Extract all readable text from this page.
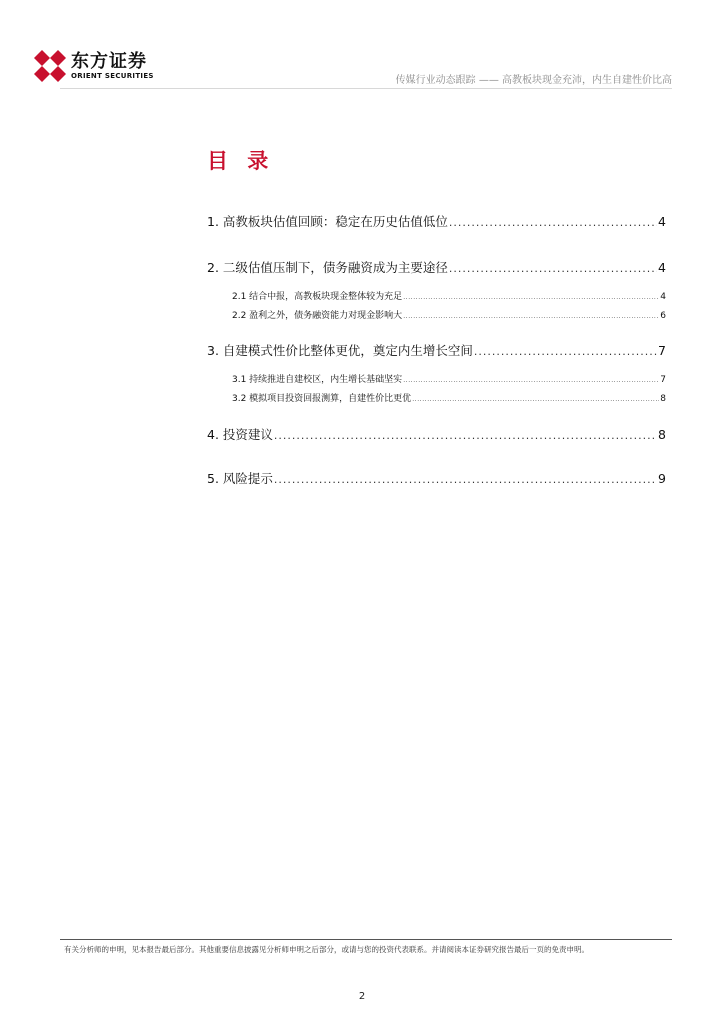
东方证券
ORIENT SECURITIES	传媒行业动态跟踪 —— 高教板块现金充沛，内生自建性价比高
目 录
1. 高教板块估值回顾：稳定在历史估值低位 .....	4
2. 二级估值压制下，债务融资成为主要途径 .....	4
2.1 结合中报，高教板块现金整体较为充足 .....	4
2.2 盈利之外，债务融资能力对现金影响大 .....	6
3. 自建模式性价比整体更优，奠定内生增长空间 .....	7
3.1 持续推进自建校区，内生增长基础坚实 .....	7
3.2 模拟项目投资回报测算，自建性价比更优 .....	8
4. 投资建议 .....	8
5. 风险提示 .....	9
有关分析师的申明，见本报告最后部分。其他重要信息披露见分析师申明之后部分，或请与您的投资代表联系。并请阅读本证券研究报告最后一页的免责申明。
2
